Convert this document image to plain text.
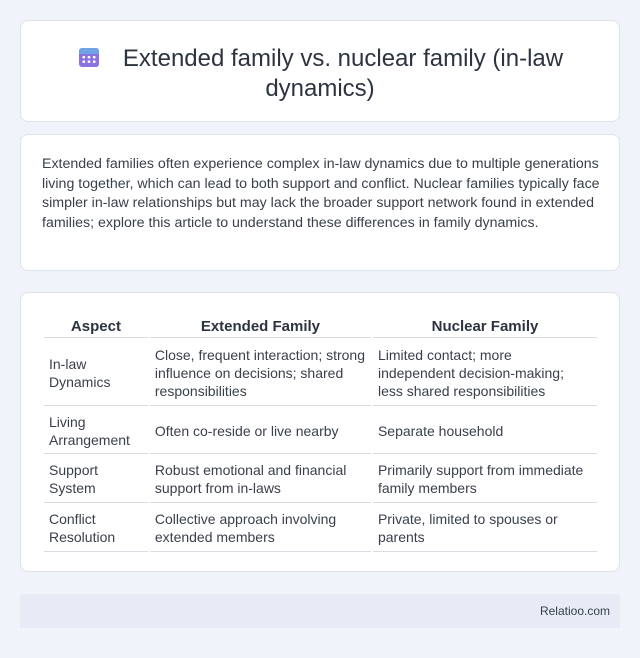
Extended family vs. nuclear family (in-law dynamics)

Extended families often experience complex in-law dynamics due to multiple generations living together, which can lead to both support and conflict. Nuclear families typically face simpler in-law relationships but may lack the broader support network found in extended families; explore this article to understand these differences in family dynamics.

Aspect	Extended Family	Nuclear Family
In-law Dynamics	Close, frequent interaction; strong influence on decisions; shared responsibilities	Limited contact; more independent decision-making; less shared responsibilities
Living Arrangement	Often co-reside or live nearby	Separate household
Support System	Robust emotional and financial support from in-laws	Primarily support from immediate family members
Conflict Resolution	Collective approach involving extended members	Private, limited to spouses or parents
Relatioo.com
